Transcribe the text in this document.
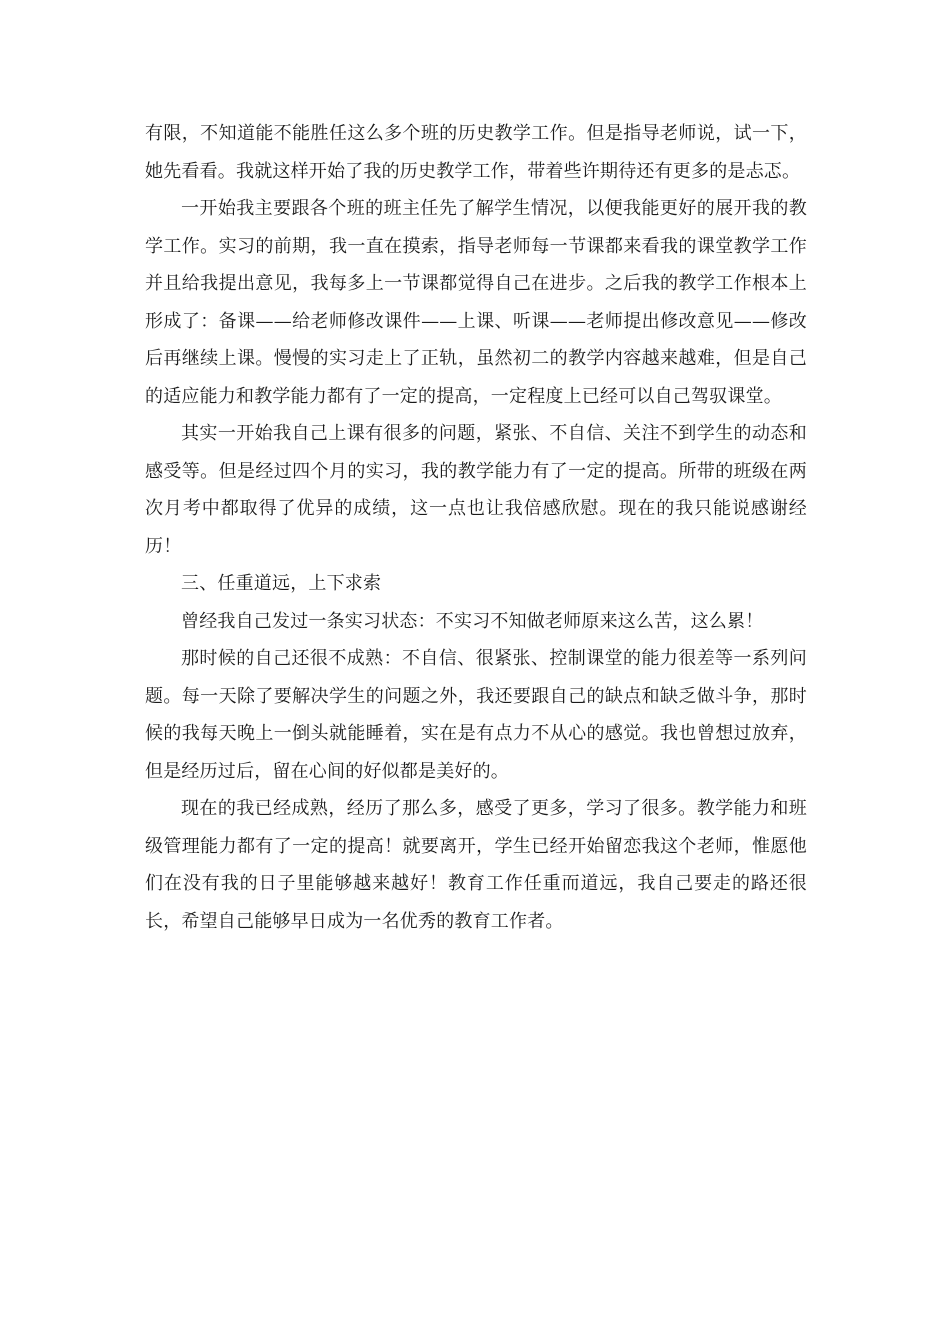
有限，不知道能不能胜任这么多个班的历史教学工作。但是指导老师说，试一下，她先看看。我就这样开始了我的历史教学工作，带着些许期待还有更多的是忐忑。

一开始我主要跟各个班的班主任先了解学生情况，以便我能更好的展开我的教学工作。实习的前期，我一直在摸索，指导老师每一节课都来看我的课堂教学工作并且给我提出意见，我每多上一节课都觉得自己在进步。之后我的教学工作根本上形成了：备课——给老师修改课件——上课、听课——老师提出修改意见——修改后再继续上课。慢慢的实习走上了正轨，虽然初二的教学内容越来越难，但是自己的适应能力和教学能力都有了一定的提高，一定程度上已经可以自己驾驭课堂。

其实一开始我自己上课有很多的问题，紧张、不自信、关注不到学生的动态和感受等。但是经过四个月的实习，我的教学能力有了一定的提高。所带的班级在两次月考中都取得了优异的成绩，这一点也让我倍感欣慰。现在的我只能说感谢经历！

三、任重道远，上下求索

曾经我自己发过一条实习状态：不实习不知做老师原来这么苦，这么累！

那时候的自己还很不成熟：不自信、很紧张、控制课堂的能力很差等一系列问题。每一天除了要解决学生的问题之外，我还要跟自己的缺点和缺乏做斗争，那时候的我每天晚上一倒头就能睡着，实在是有点力不从心的感觉。我也曾想过放弃，但是经历过后，留在心间的好似都是美好的。

现在的我已经成熟，经历了那么多，感受了更多，学习了很多。教学能力和班级管理能力都有了一定的提高！就要离开，学生已经开始留恋我这个老师，惟愿他们在没有我的日子里能够越来越好！教育工作任重而道远，我自己要走的路还很长，希望自己能够早日成为一名优秀的教育工作者。
